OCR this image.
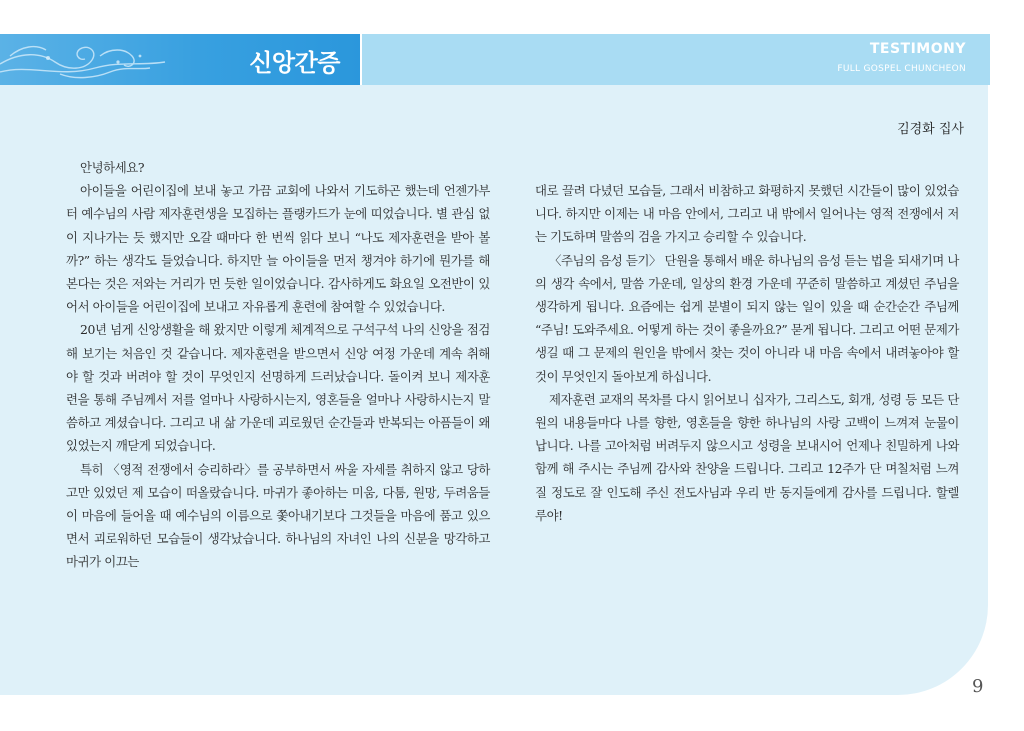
신앙간증	TESTIMONY
FULL GOSPEL CHUNCHEON
김경화 집사

안녕하세요?

아이들을 어린이집에 보내 놓고 가끔 교회에 나와서 기도하곤 했는데 언젠가부터 예수님의 사람 제자훈련생을 모집하는 플랭카드가 눈에 띠었습니다. 별 관심 없이 지나가는 듯 했지만 오갈 때마다 한 번씩 읽다 보니 “나도 제자훈련을 받아 볼까?” 하는 생각도 들었습니다. 하지만 늘 아이들을 먼저 챙겨야 하기에 뭔가를 해 본다는 것은 저와는 거리가 먼 듯한 일이었습니다. 감사하게도 화요일 오전반이 있어서 아이들을 어린이집에 보내고 자유롭게 훈련에 참여할 수 있었습니다.

20년 넘게 신앙생활을 해 왔지만 이렇게 체계적으로 구석구석 나의 신앙을 점검해 보기는 처음인 것 같습니다. 제자훈련을 받으면서 신앙 여정 가운데 계속 취해야 할 것과 버려야 할 것이 무엇인지 선명하게 드러났습니다. 돌이켜 보니 제자훈련을 통해 주님께서 저를 얼마나 사랑하시는지, 영혼들을 얼마나 사랑하시는지 말씀하고 계셨습니다. 그리고 내 삶 가운데 괴로웠던 순간들과 반복되는 아픔들이 왜 있었는지 깨닫게 되었습니다.

특히 〈영적 전쟁에서 승리하라〉를 공부하면서 싸울 자세를 취하지 않고 당하고만 있었던 제 모습이 떠올랐습니다. 마귀가 좋아하는 미움, 다툼, 원망, 두려움들이 마음에 들어올 때 예수님의 이름으로 쫓아내기보다 그것들을 마음에 품고 있으면서 괴로워하던 모습들이 생각났습니다. 하나님의 자녀인 나의 신분을 망각하고 마귀가 이끄는

대로 끌려 다녔던 모습들, 그래서 비참하고 화평하지 못했던 시간들이 많이 있었습니다. 하지만 이제는 내 마음 안에서, 그리고 내 밖에서 일어나는 영적 전쟁에서 저는 기도하며 말씀의 검을 가지고 승리할 수 있습니다.

〈주님의 음성 듣기〉 단원을 통해서 배운 하나님의 음성 듣는 법을 되새기며 나의 생각 속에서, 말씀 가운데, 일상의 환경 가운데 꾸준히 말씀하고 계셨던 주님을 생각하게 됩니다. 요즘에는 쉽게 분별이 되지 않는 일이 있을 때 순간순간 주님께 “주님! 도와주세요. 어떻게 하는 것이 좋을까요?” 묻게 됩니다. 그리고 어떤 문제가 생길 때 그 문제의 원인을 밖에서 찾는 것이 아니라 내 마음 속에서 내려놓아야 할 것이 무엇인지 돌아보게 하십니다.

제자훈련 교재의 목차를 다시 읽어보니 십자가, 그리스도, 회개, 성령 등 모든 단원의 내용들마다 나를 향한, 영혼들을 향한 하나님의 사랑 고백이 느껴져 눈물이 납니다. 나를 고아처럼 버려두지 않으시고 성령을 보내시어 언제나 친밀하게 나와 함께 해 주시는 주님께 감사와 찬양을 드립니다. 그리고 12주가 단 며칠처럼 느껴질 정도로 잘 인도해 주신 전도사님과 우리 반 동지들에게 감사를 드립니다. 할렐루야!

9
